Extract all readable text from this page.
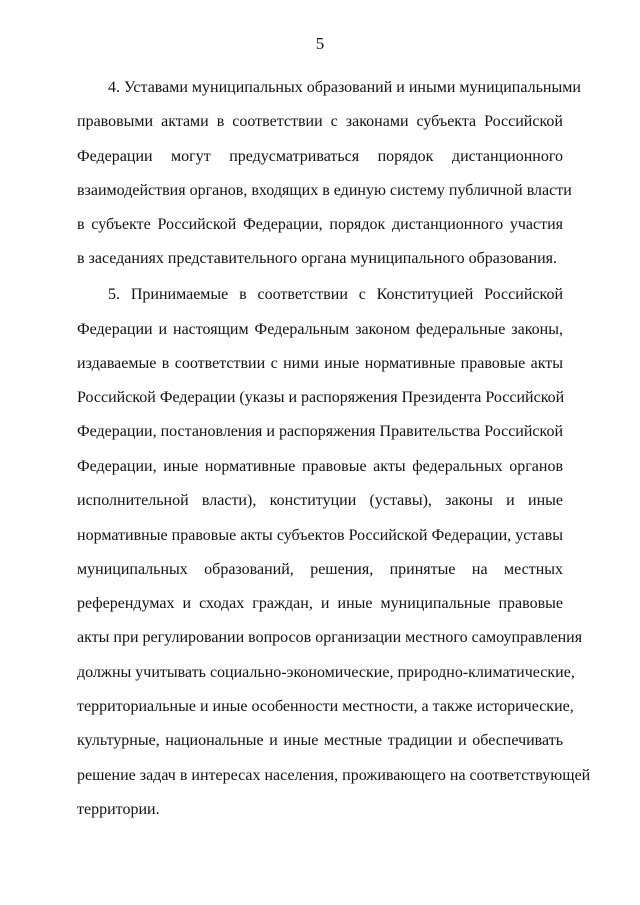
5
4. Уставами муниципальных образований и иными муниципальными
правовыми актами в соответствии с законами субъекта Российской
Федерации могут предусматриваться порядок дистанционного
взаимодействия органов, входящих в единую систему публичной власти
в субъекте Российской Федерации, порядок дистанционного участия
в заседаниях представительного органа муниципального образования.
5. Принимаемые в соответствии с Конституцией Российской
Федерации и настоящим Федеральным законом федеральные законы,
издаваемые в соответствии с ними иные нормативные правовые акты
Российской Федерации (указы и распоряжения Президента Российской
Федерации, постановления и распоряжения Правительства Российской
Федерации, иные нормативные правовые акты федеральных органов
исполнительной власти), конституции (уставы), законы и иные
нормативные правовые акты субъектов Российской Федерации, уставы
муниципальных образований, решения, принятые на местных
референдумах и сходах граждан, и иные муниципальные правовые
акты при регулировании вопросов организации местного самоуправления
должны учитывать социально-экономические, природно-климатические,
территориальные и иные особенности местности, а также исторические,
культурные, национальные и иные местные традиции и обеспечивать
решение задач в интересах населения, проживающего на соответствующей
территории.
